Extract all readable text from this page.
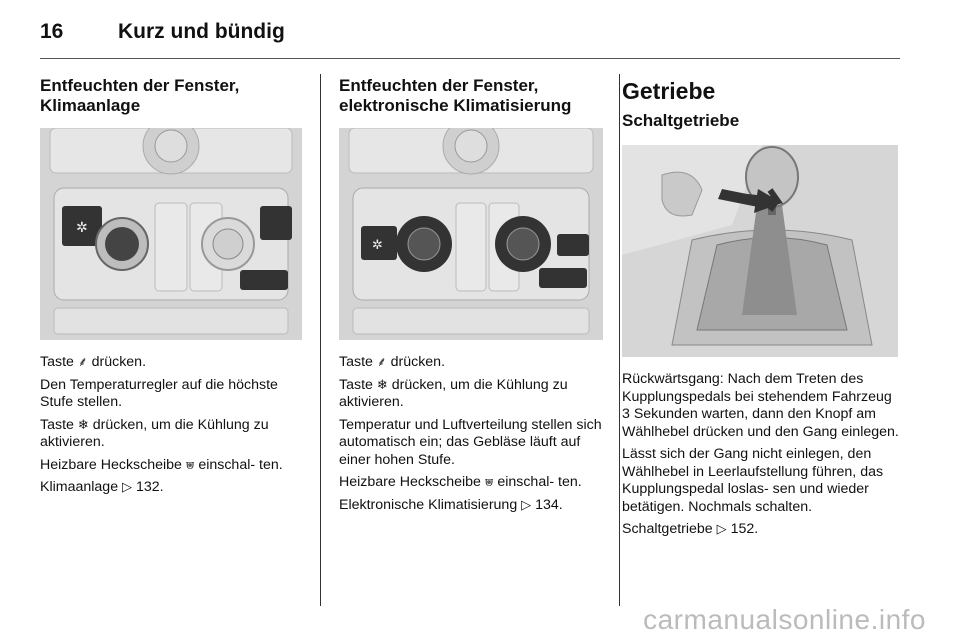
16	Kurz und bündig
Entfeuchten der Fenster, Klimaanlage
✲

Taste ⸙ drücken.

Den Temperaturregler auf die höchste Stufe stellen.

Taste ❄ drücken, um die Kühlung zu aktivieren.

Heizbare Heckscheibe ⩐ einschal- ten.

Klimaanlage ▷ 132.

Entfeuchten der Fenster, elektronische Klimatisierung
✲

Taste ⸙ drücken.

Taste ❄ drücken, um die Kühlung zu aktivieren.

Temperatur und Luftverteilung stellen sich automatisch ein; das Gebläse läuft auf einer hohen Stufe.

Heizbare Heckscheibe ⩐ einschal- ten.

Elektronische Klimatisierung ▷ 134.

Getriebe
Schaltgetriebe

Rückwärtsgang: Nach dem Treten des Kupplungspedals bei stehendem Fahrzeug 3 Sekunden warten, dann den Knopf am Wählhebel drücken und den Gang einlegen.

Lässt sich der Gang nicht einlegen, den Wählhebel in Leerlaufstellung führen, das Kupplungspedal loslas- sen und wieder betätigen. Nochmals schalten.

Schaltgetriebe ▷ 152.

carmanualsonline.info
